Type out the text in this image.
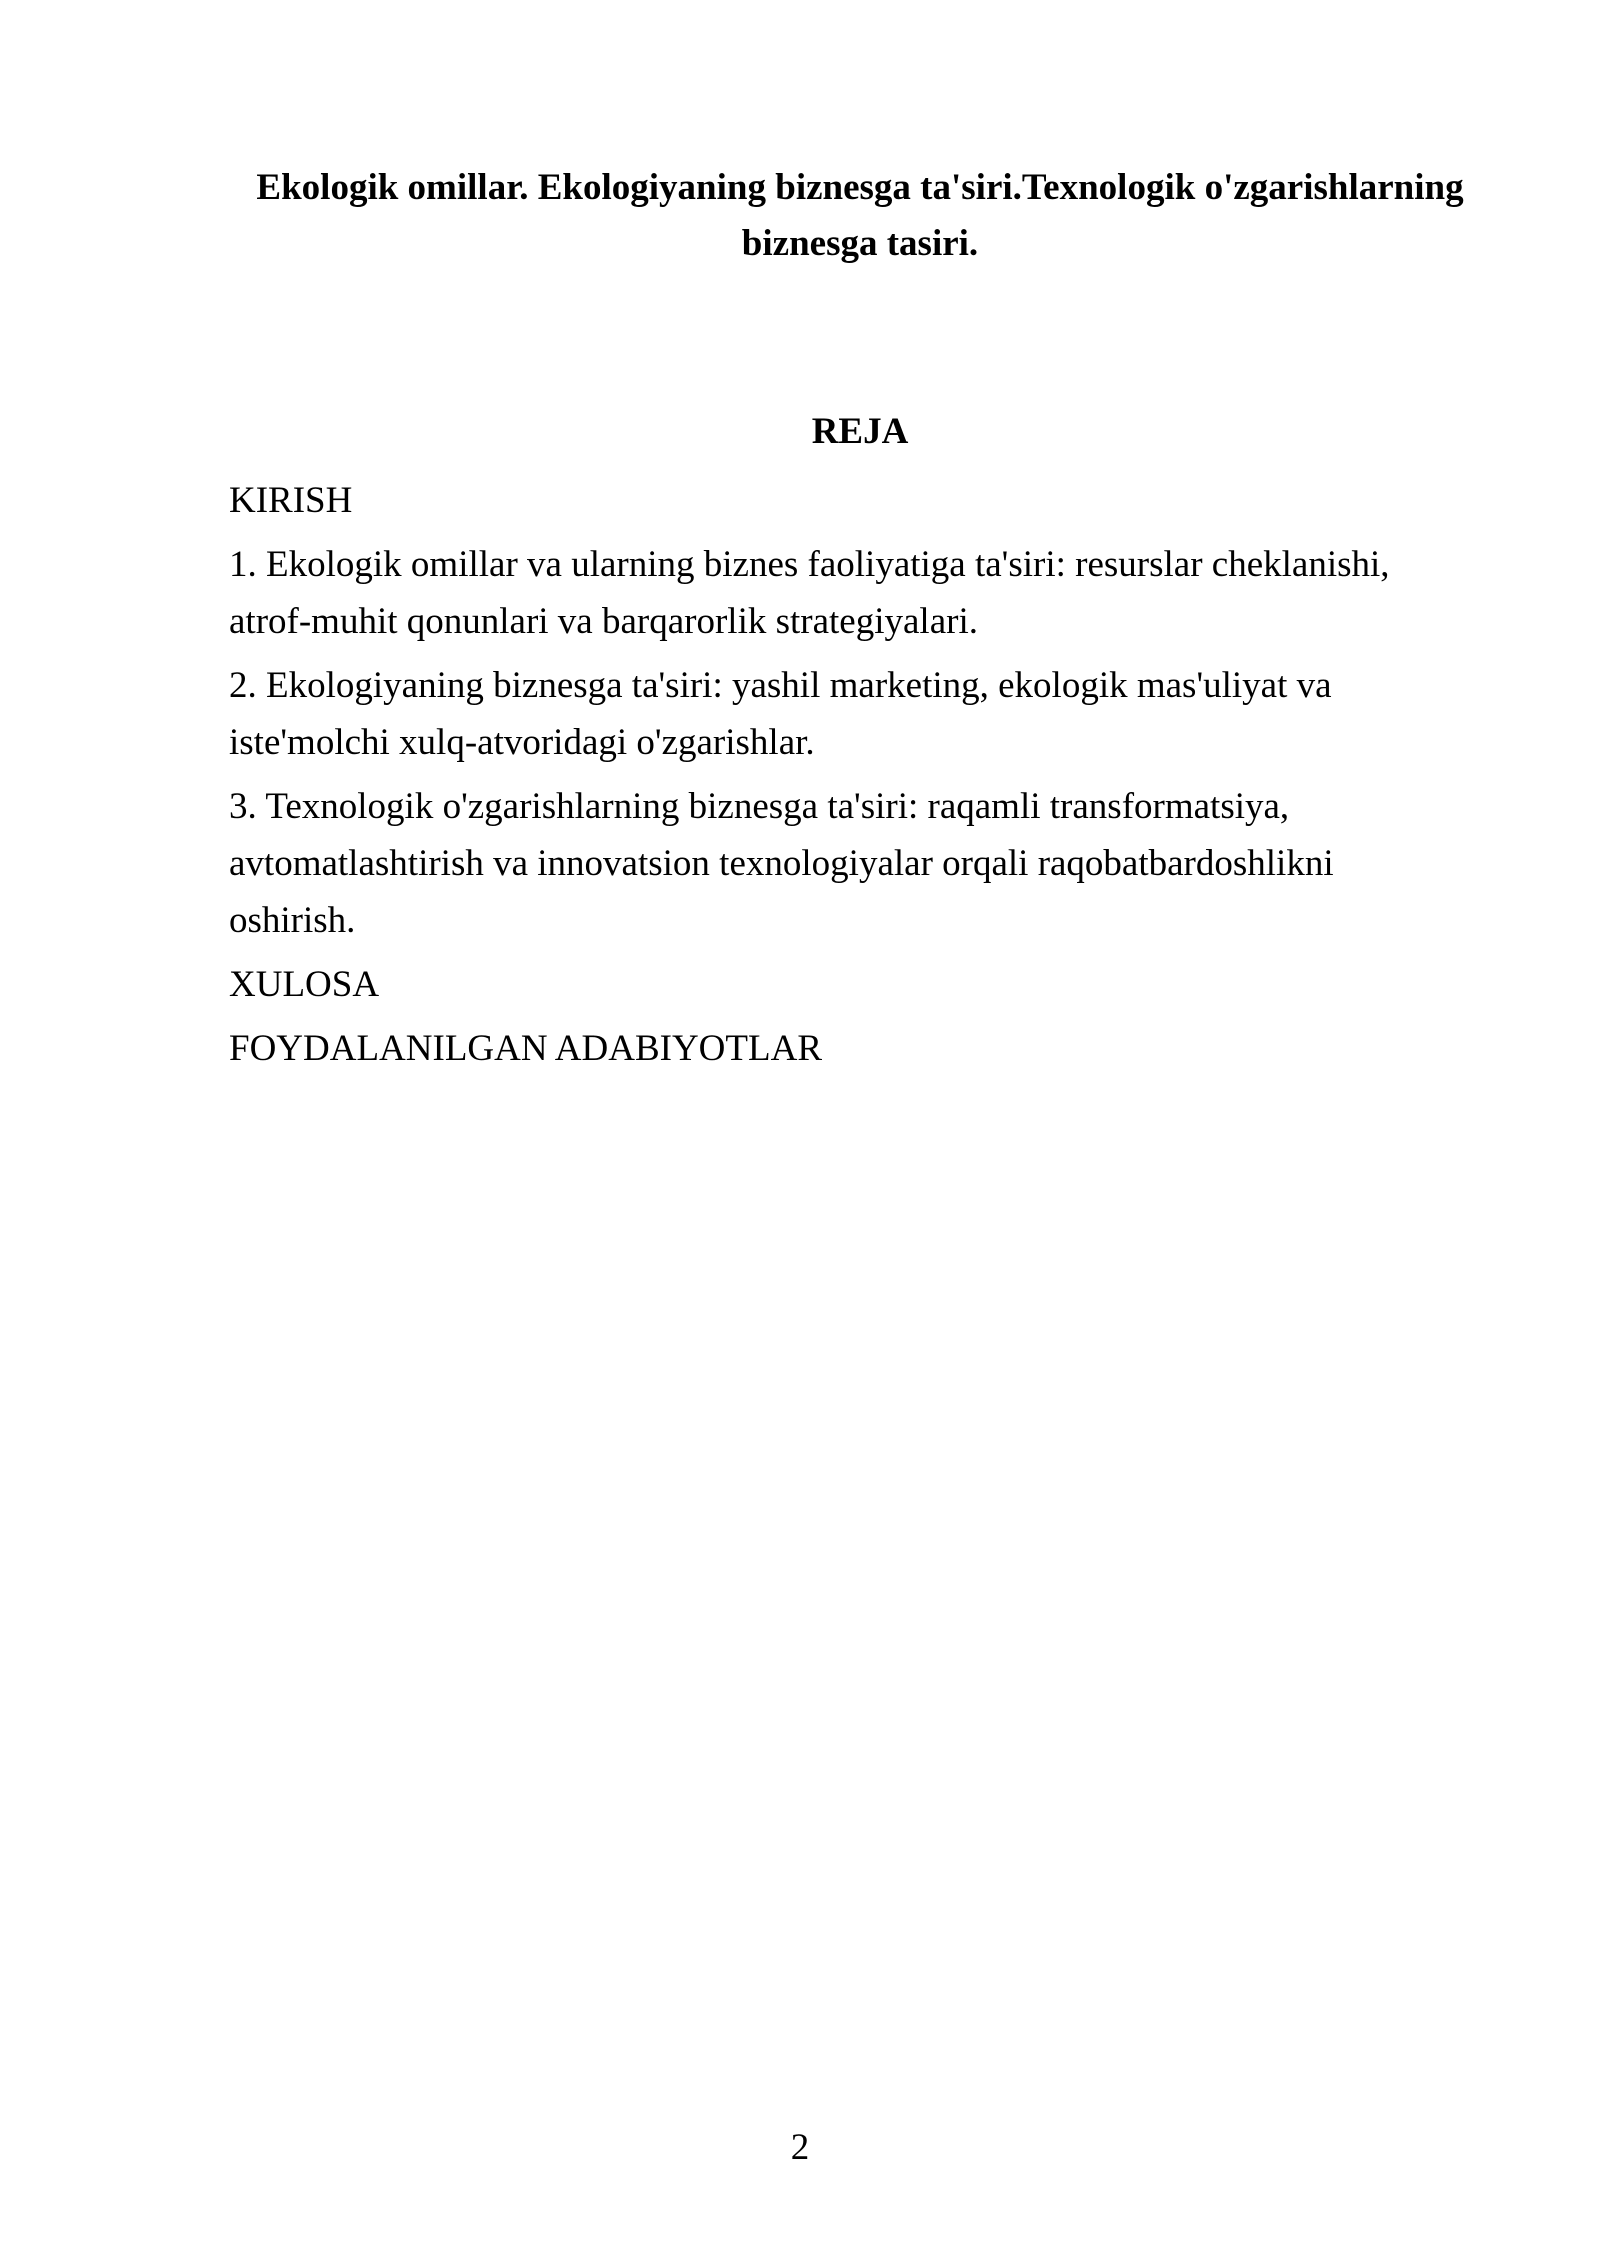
Ekologik omillar. Ekologiyaning biznesga ta'siri.Texnologik o'zgarishlarning biznesga tasiri.
REJA
KIRISH
1. Ekologik omillar va ularning biznes faoliyatiga ta'siri: resurslar cheklanishi, atrof-muhit qonunlari va barqarorlik strategiyalari.
2. Ekologiyaning biznesga ta'siri: yashil marketing, ekologik mas'uliyat va iste'molchi xulq-atvoridagi o'zgarishlar.
3. Texnologik o'zgarishlarning biznesga ta'siri: raqamli transformatsiya, avtomatlashtirish va innovatsion texnologiyalar orqali raqobatbardoshlikni oshirish.
XULOSA
FOYDALANILGAN ADABIYOTLAR
2
